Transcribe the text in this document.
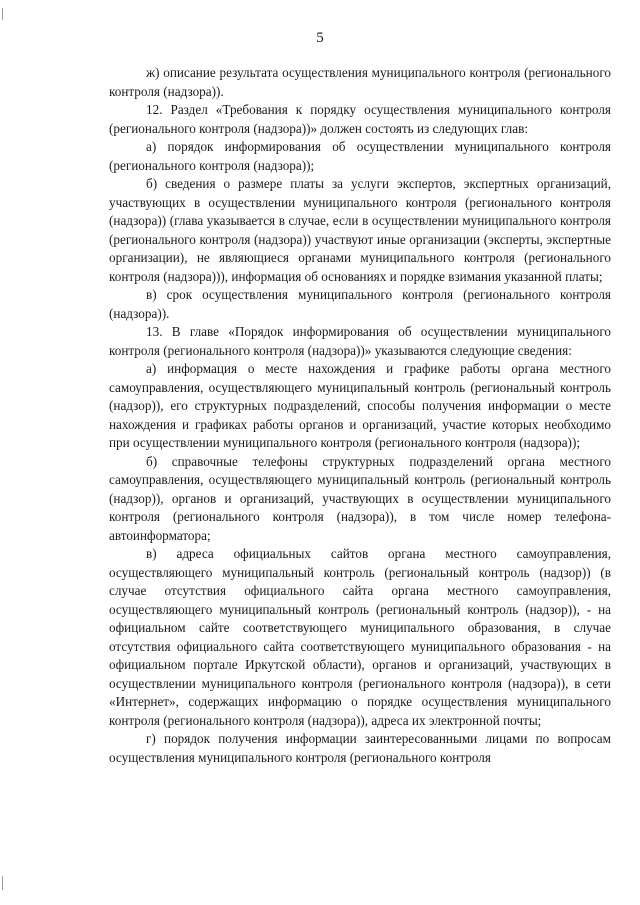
5

ж) описание результата осуществления муниципального контроля (регионального контроля (надзора)).

12. Раздел «Требования к порядку осуществления муниципального контроля (регионального контроля (надзора))» должен состоять из следующих глав:

а) порядок информирования об осуществлении муниципального контроля (регионального контроля (надзора));

б) сведения о размере платы за услуги экспертов, экспертных организаций, участвующих в осуществлении муниципального контроля (регионального контроля (надзора)) (глава указывается в случае, если в осуществлении муниципального контроля (регионального контроля (надзора)) участвуют иные организации (эксперты, экспертные организации), не являющиеся органами муниципального контроля (регионального контроля (надзора))), информация об основаниях и порядке взимания указанной платы;

в) срок осуществления муниципального контроля (регионального контроля (надзора)).

13. В главе «Порядок информирования об осуществлении муниципального контроля (регионального контроля (надзора))» указываются следующие сведения:

а) информация о месте нахождения и графике работы органа местного самоуправления, осуществляющего муниципальный контроль (региональный контроль (надзор)), его структурных подразделений, способы получения информации о месте нахождения и графиках работы органов и организаций, участие которых необходимо при осуществлении муниципального контроля (регионального контроля (надзора));

б) справочные телефоны структурных подразделений органа местного самоуправления, осуществляющего муниципальный контроль (региональный контроль (надзор)), органов и организаций, участвующих в осуществлении муниципального контроля (регионального контроля (надзора)), в том числе номер телефона-автоинформатора;

в) адреса официальных сайтов органа местного самоуправления, осуществляющего муниципальный контроль (региональный контроль (надзор)) (в случае отсутствия официального сайта органа местного самоуправления, осуществляющего муниципальный контроль (региональный контроль (надзор)), - на официальном сайте соответствующего муниципального образования, в случае отсутствия официального сайта соответствующего муниципального образования - на официальном портале Иркутской области), органов и организаций, участвующих в осуществлении муниципального контроля (регионального контроля (надзора)), в сети «Интернет», содержащих информацию о порядке осуществления муниципального контроля (регионального контроля (надзора)), адреса их электронной почты;

г) порядок получения информации заинтересованными лицами по вопросам осуществления муниципального контроля (регионального контроля
